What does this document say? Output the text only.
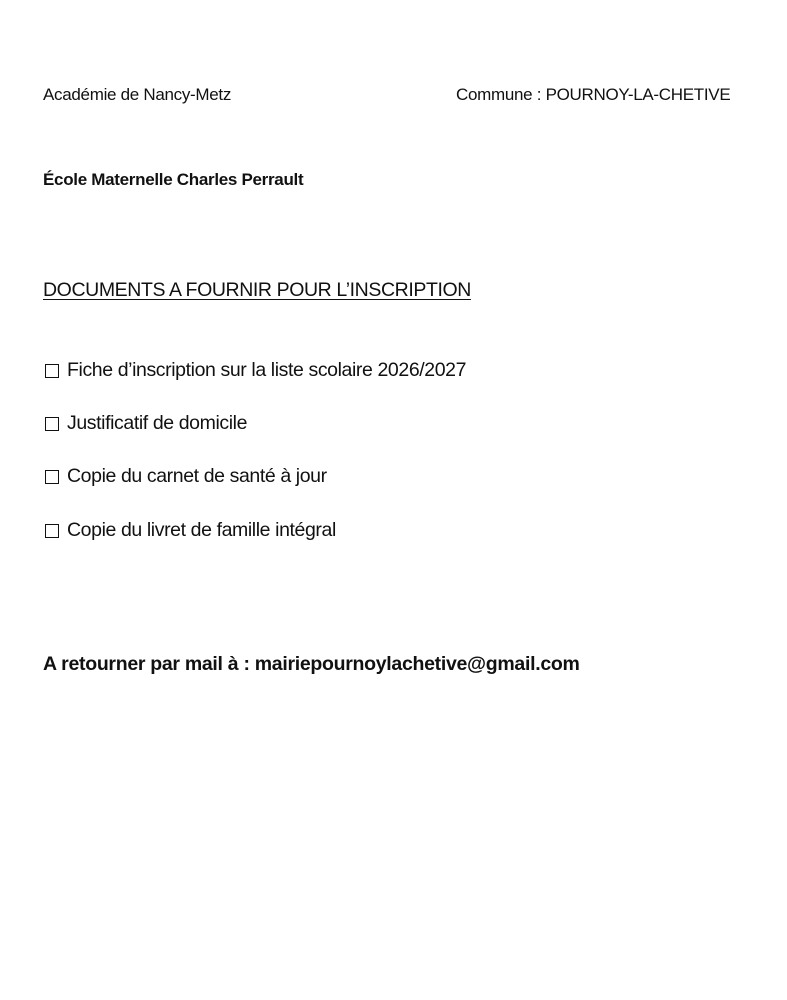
Académie de Nancy-Metz	Commune : POURNOY-LA-CHETIVE
École Maternelle Charles Perrault
DOCUMENTS A FOURNIR POUR L’INSCRIPTION
Fiche d’inscription sur la liste scolaire 2026/2027
Justificatif de domicile
Copie du carnet de santé à jour
Copie du livret de famille intégral
A retourner par mail à : mairiepournoylachetive@gmail.com
